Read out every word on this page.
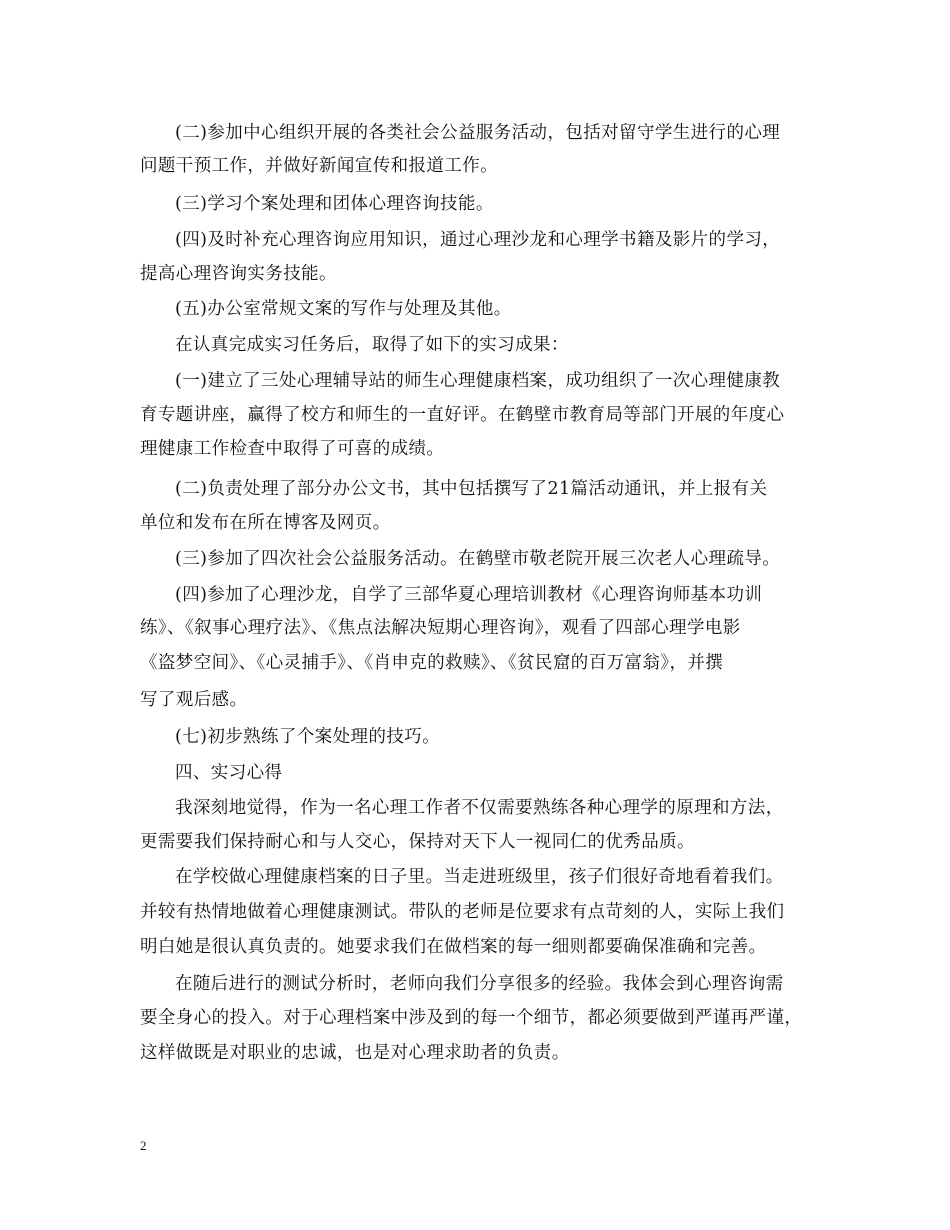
(二)参加中心组织开展的各类社会公益服务活动，包括对留守学生进行的心理
问题干预工作，并做好新闻宣传和报道工作。
(三)学习个案处理和团体心理咨询技能。
(四)及时补充心理咨询应用知识，通过心理沙龙和心理学书籍及影片的学习，
提高心理咨询实务技能。
(五)办公室常规文案的写作与处理及其他。
在认真完成实习任务后，取得了如下的实习成果：
(一)建立了三处心理辅导站的师生心理健康档案，成功组织了一次心理健康教
育专题讲座，赢得了校方和师生的一直好评。在鹤壁市教育局等部门开展的年度心
理健康工作检查中取得了可喜的成绩。
(二)负责处理了部分办公文书，其中包括撰写了21篇活动通讯，并上报有关
单位和发布在所在博客及网页。
(三)参加了四次社会公益服务活动。在鹤壁市敬老院开展三次老人心理疏导。
(四)参加了心理沙龙，自学了三部华夏心理培训教材《心理咨询师基本功训
练》、《叙事心理疗法》、《焦点法解决短期心理咨询》，观看了四部心理学电影
《盗梦空间》、《心灵捕手》、《肖申克的救赎》、《贫民窟的百万富翁》，并撰
写了观后感。
(七)初步熟练了个案处理的技巧。
四、实习心得
我深刻地觉得，作为一名心理工作者不仅需要熟练各种心理学的原理和方法，
更需要我们保持耐心和与人交心，保持对天下人一视同仁的优秀品质。
在学校做心理健康档案的日子里。当走进班级里，孩子们很好奇地看着我们。
并较有热情地做着心理健康测试。带队的老师是位要求有点苛刻的人，实际上我们
明白她是很认真负责的。她要求我们在做档案的每一细则都要确保准确和完善。
在随后进行的测试分析时，老师向我们分享很多的经验。我体会到心理咨询需
要全身心的投入。对于心理档案中涉及到的每一个细节，都必须要做到严谨再严谨，
这样做既是对职业的忠诚，也是对心理求助者的负责。
2
